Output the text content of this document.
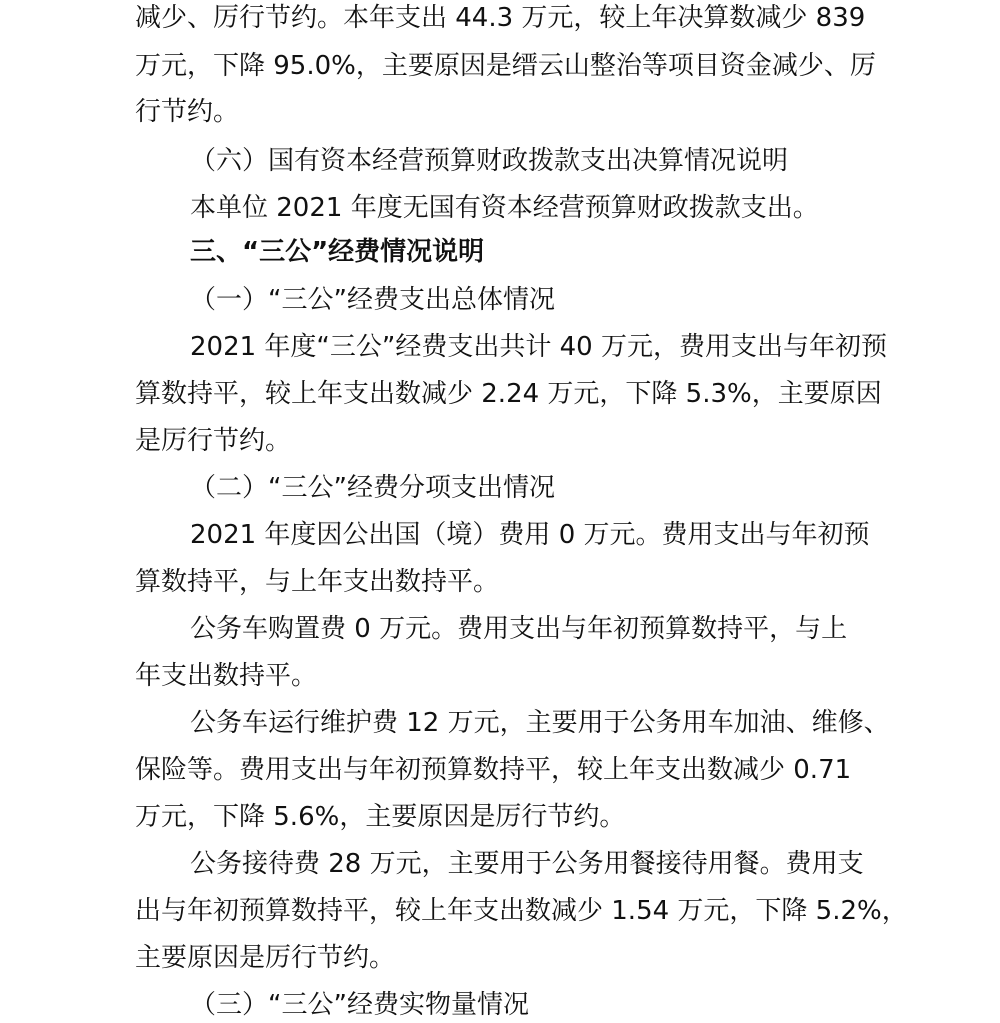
减少、厉行节约。本年支出 44.3 万元，较上年决算数减少 839
万元，下降 95.0%，主要原因是缙云山整治等项目资金减少、厉
行节约。
（六）国有资本经营预算财政拨款支出决算情况说明
本单位 2021 年度无国有资本经营预算财政拨款支出。
三、“三公”经费情况说明
（一）“三公”经费支出总体情况
2021 年度“三公”经费支出共计 40 万元，费用支出与年初预
算数持平，较上年支出数减少 2.24 万元，下降 5.3%，主要原因
是厉行节约。
（二）“三公”经费分项支出情况
2021 年度因公出国（境）费用 0 万元。费用支出与年初预
算数持平，与上年支出数持平。
公务车购置费 0 万元。费用支出与年初预算数持平，与上
年支出数持平。
公务车运行维护费 12 万元，主要用于公务用车加油、维修、
保险等。费用支出与年初预算数持平，较上年支出数减少 0.71
万元，下降 5.6%，主要原因是厉行节约。
公务接待费 28 万元，主要用于公务用餐接待用餐。费用支
出与年初预算数持平，较上年支出数减少 1.54 万元，下降 5.2%，
主要原因是厉行节约。
（三）“三公”经费实物量情况
